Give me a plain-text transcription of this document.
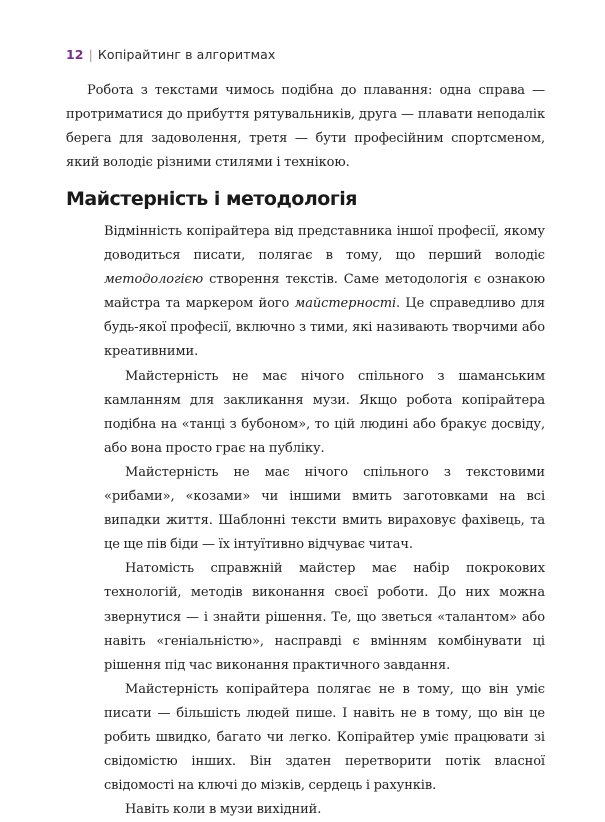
12 | Копірайтинг в алгоритмах

Робота з текстами чимось подібна до плавання: одна справа — протриматися до прибуття рятувальників, друга — плавати неподалік берега для задоволення, третя — бути професійним спортсменом, який володіє різними стилями і технікою.

Майстерність і методологія

Відмінність копірайтера від представника іншої професії, якому доводиться писати, полягає в тому, що перший володіє методологією створення текстів. Саме методологія є ознакою майстра та маркером його майстерності. Це справедливо для будь-якої професії, включно з тими, які називають творчими або креативними.

Майстерність не має нічого спільного з шаманським камланням для закликання музи. Якщо робота копірайтера подібна на «танці з бубоном», то цій людині або бракує досвіду, або вона просто грає на публіку.

Майстерність не має нічого спільного з текстовими «рибами», «козами» чи іншими вмить заготовками на всі випадки життя. Шаблонні тексти вмить вираховує фахівець, та це ще пів біди — їх інтуїтивно відчуває читач.

Натомість справжній майстер має набір покрокових технологій, методів виконання своєї роботи. До них можна звернутися — і знайти рішення. Те, що зветься «талантом» або навіть «геніальністю», насправді є вмінням комбінувати ці рішення під час виконання практичного завдання.

Майстерність копірайтера полягає не в тому, що він уміє писати — більшість людей пише. І навіть не в тому, що він це робить швидко, багато чи легко. Копірайтер уміє працювати зі свідомістю інших. Він здатен перетворити потік власної свідомості на ключі до мізків, сердець і рахунків.

Навіть коли в музи вихідний.
